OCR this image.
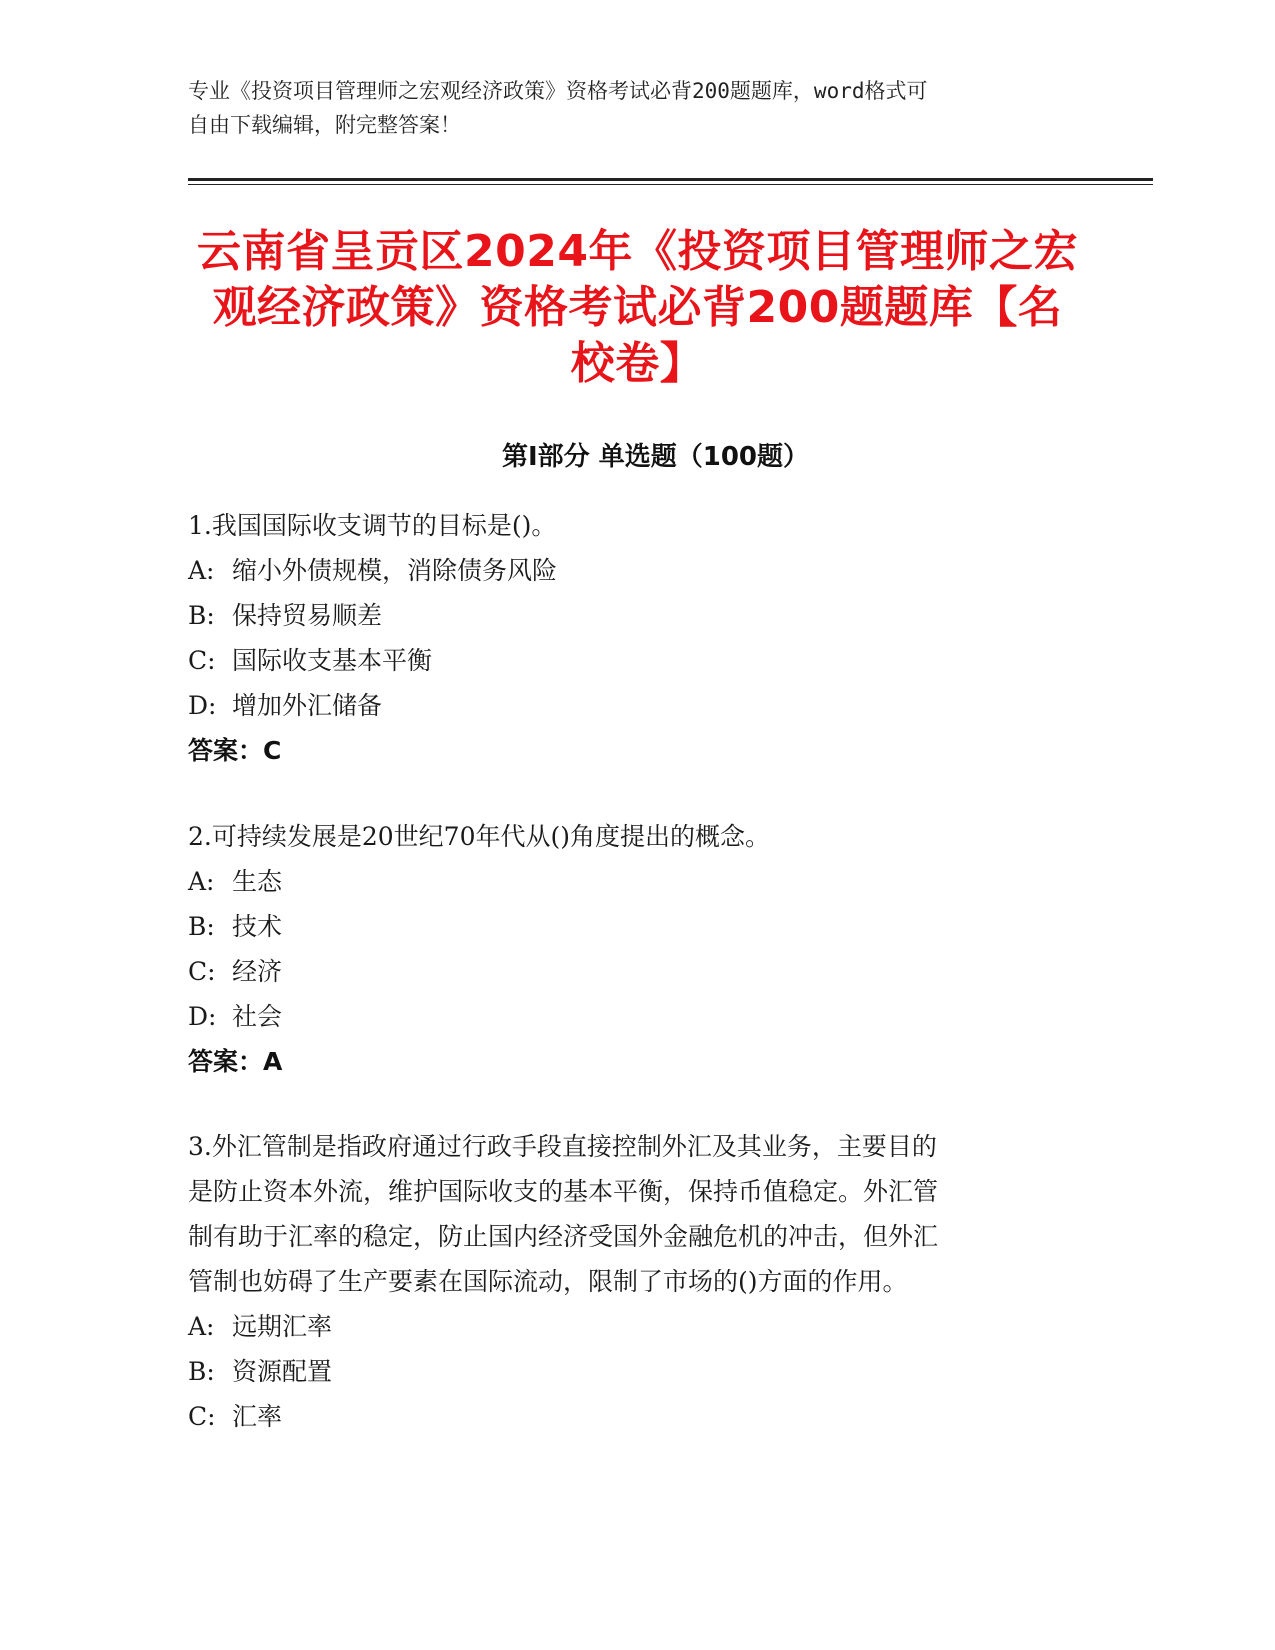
专业《投资项目管理师之宏观经济政策》资格考试必背200题题库，word格式可
自由下载编辑，附完整答案！
云南省呈贡区2024年《投资项目管理师之宏
观经济政策》资格考试必背200题题库【名
校卷】
第Ⅰ部分 单选题（100题）

1.我国国际收支调节的目标是()。

A: 缩小外债规模，消除债务风险

B: 保持贸易顺差

C: 国际收支基本平衡

D: 增加外汇储备

答案：C

2.可持续发展是20世纪70年代从()角度提出的概念。

A: 生态

B: 技术

C: 经济

D: 社会

答案：A

3.外汇管制是指政府通过行政手段直接控制外汇及其业务，主要目的

是防止资本外流，维护国际收支的基本平衡，保持币值稳定。外汇管

制有助于汇率的稳定，防止国内经济受国外金融危机的冲击，但外汇

管制也妨碍了生产要素在国际流动，限制了市场的()方面的作用。

A: 远期汇率

B: 资源配置

C: 汇率
